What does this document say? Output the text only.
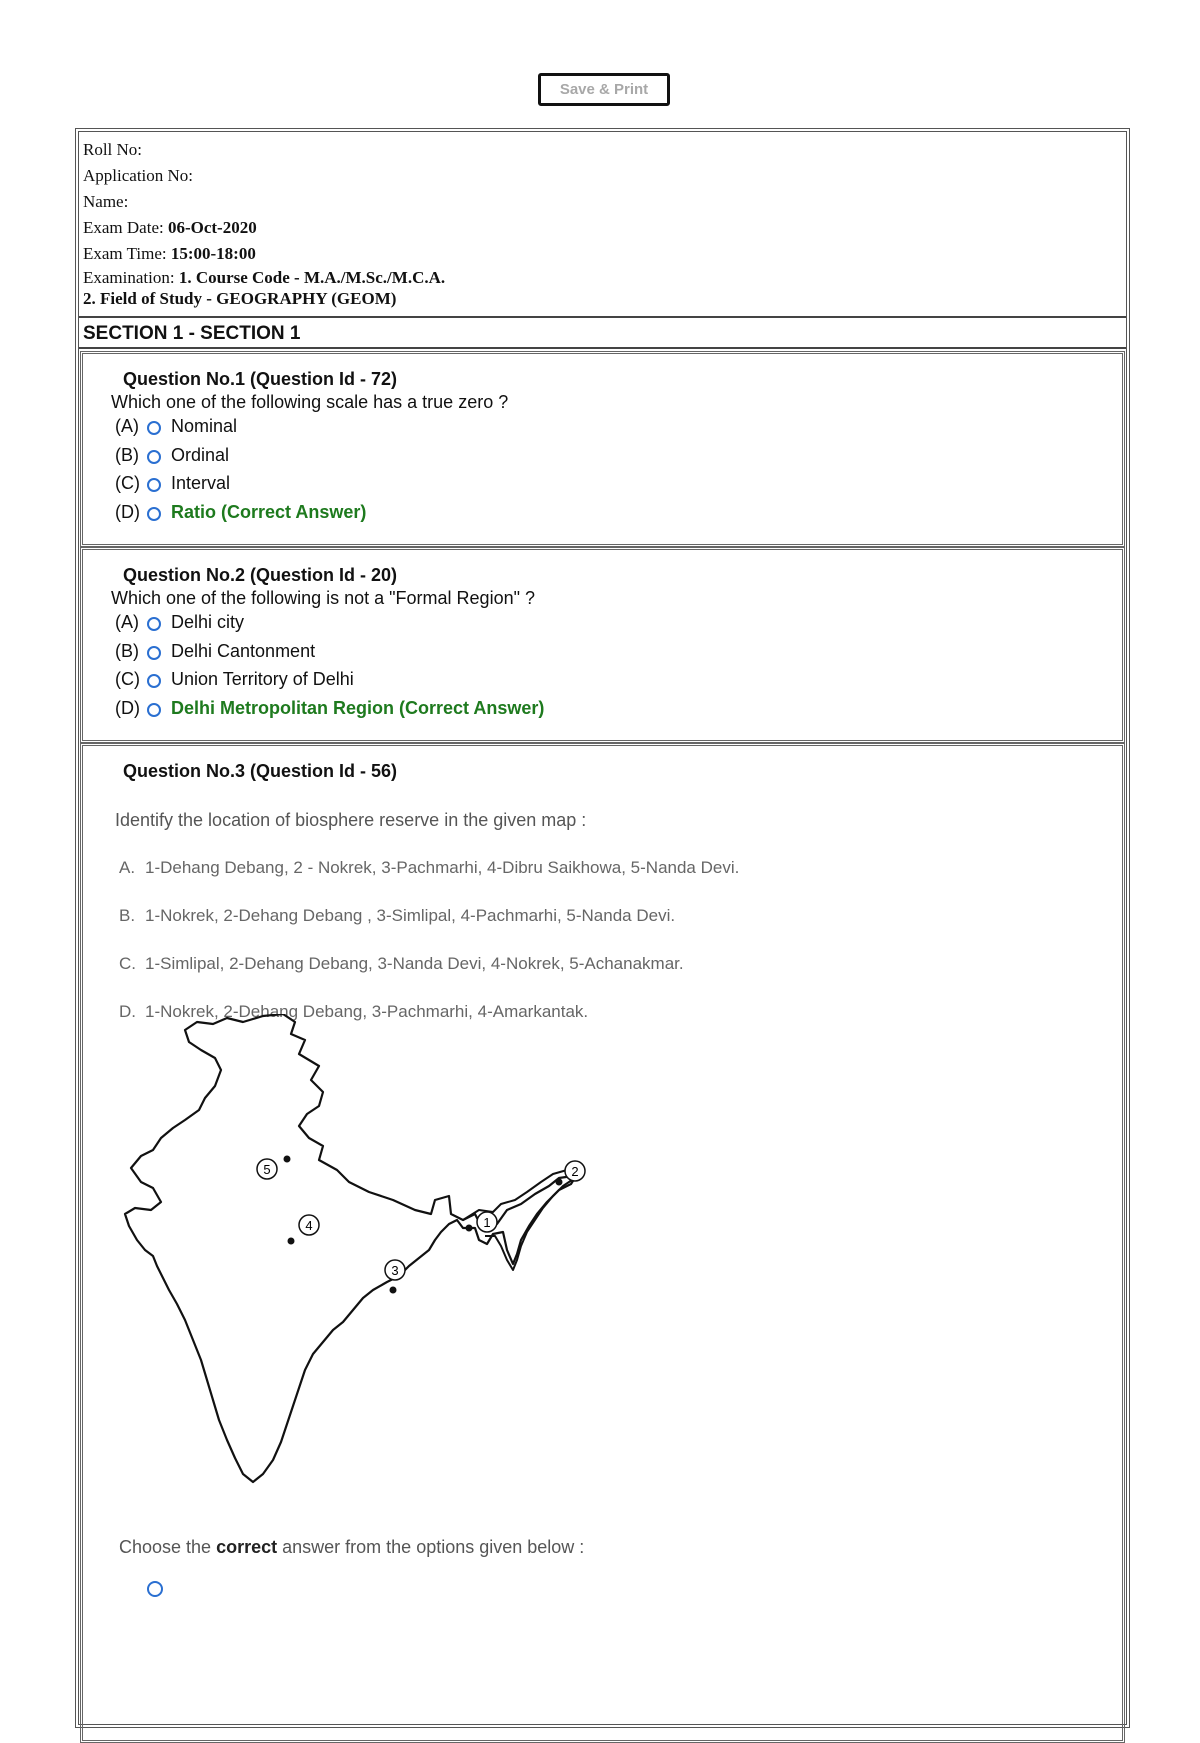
Save & Print
Roll No:
Application No:
Name:
Exam Date: 06-Oct-2020
Exam Time: 15:00-18:00
Examination: 1. Course Code - M.A./M.Sc./M.C.A.
2. Field of Study - GEOGRAPHY (GEOM)
SECTION 1 - SECTION 1
Question No.1 (Question Id - 72)
Which one of the following scale has a true zero ?
(A) Nominal
(B) Ordinal
(C) Interval
(D) Ratio (Correct Answer)
Question No.2 (Question Id - 20)
Which one of the following is not a "Formal Region" ?
(A) Delhi city
(B) Delhi Cantonment
(C) Union Territory of Delhi
(D) Delhi Metropolitan Region (Correct Answer)
Question No.3 (Question Id - 56)
Identify the location of biosphere reserve in the given map :
A. 1-Dehang Debang, 2 - Nokrek, 3-Pachmarhi, 4-Dibru Saikhowa, 5-Nanda Devi.
B. 1-Nokrek, 2-Dehang Debang , 3-Simlipal, 4-Pachmarhi, 5-Nanda Devi.
C. 1-Simlipal, 2-Dehang Debang, 3-Nanda Devi, 4-Nokrek, 5-Achanakmar.
D. 1-Nokrek, 2-Dehang Debang, 3-Pachmarhi, 4-Amarkantak.
1
2
3
4
5
Choose the correct answer from the options given below :
